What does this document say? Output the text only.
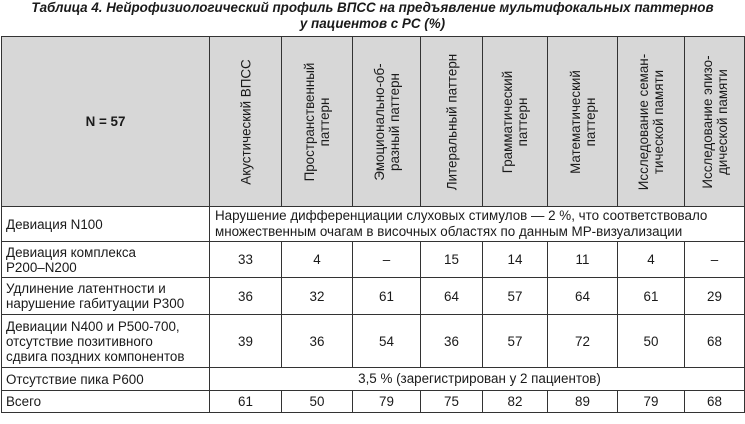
Таблица 4. Нейрофизиологический профиль ВПСС на предъявление мультифокальных паттернов
у пациентов с РС (%)
N = 57	Акустический ВПСС	Пространственный паттерн	Эмоционально-об- разный паттерн	Литеральный паттерн	Грамматический паттерн	Математический паттерн	Исследование семан- тической памяти	Исследование эпизо- дической памяти

Девиация N100	Нарушение дифференциации слуховых стимулов — 2 %, что соответствовало
множественным очагам в височных областях по данным МР-визуализации							

Девиация комплекса
Р200–N200	33	4	–	15	14	11	4	–

Удлинение латентности и
нарушение габитуации Р300	36	32	61	64	57	64	61	29

Девиации N400 и Р500-700,
отсутствие позитивного
сдвига поздних компонентов	39	36	54	36	57	72	50	68

Отсутствие пика Р600	3,5 % (зарегистрирован у 2 пациентов)							

Всего	61	50	79	75	82	89	79	68
